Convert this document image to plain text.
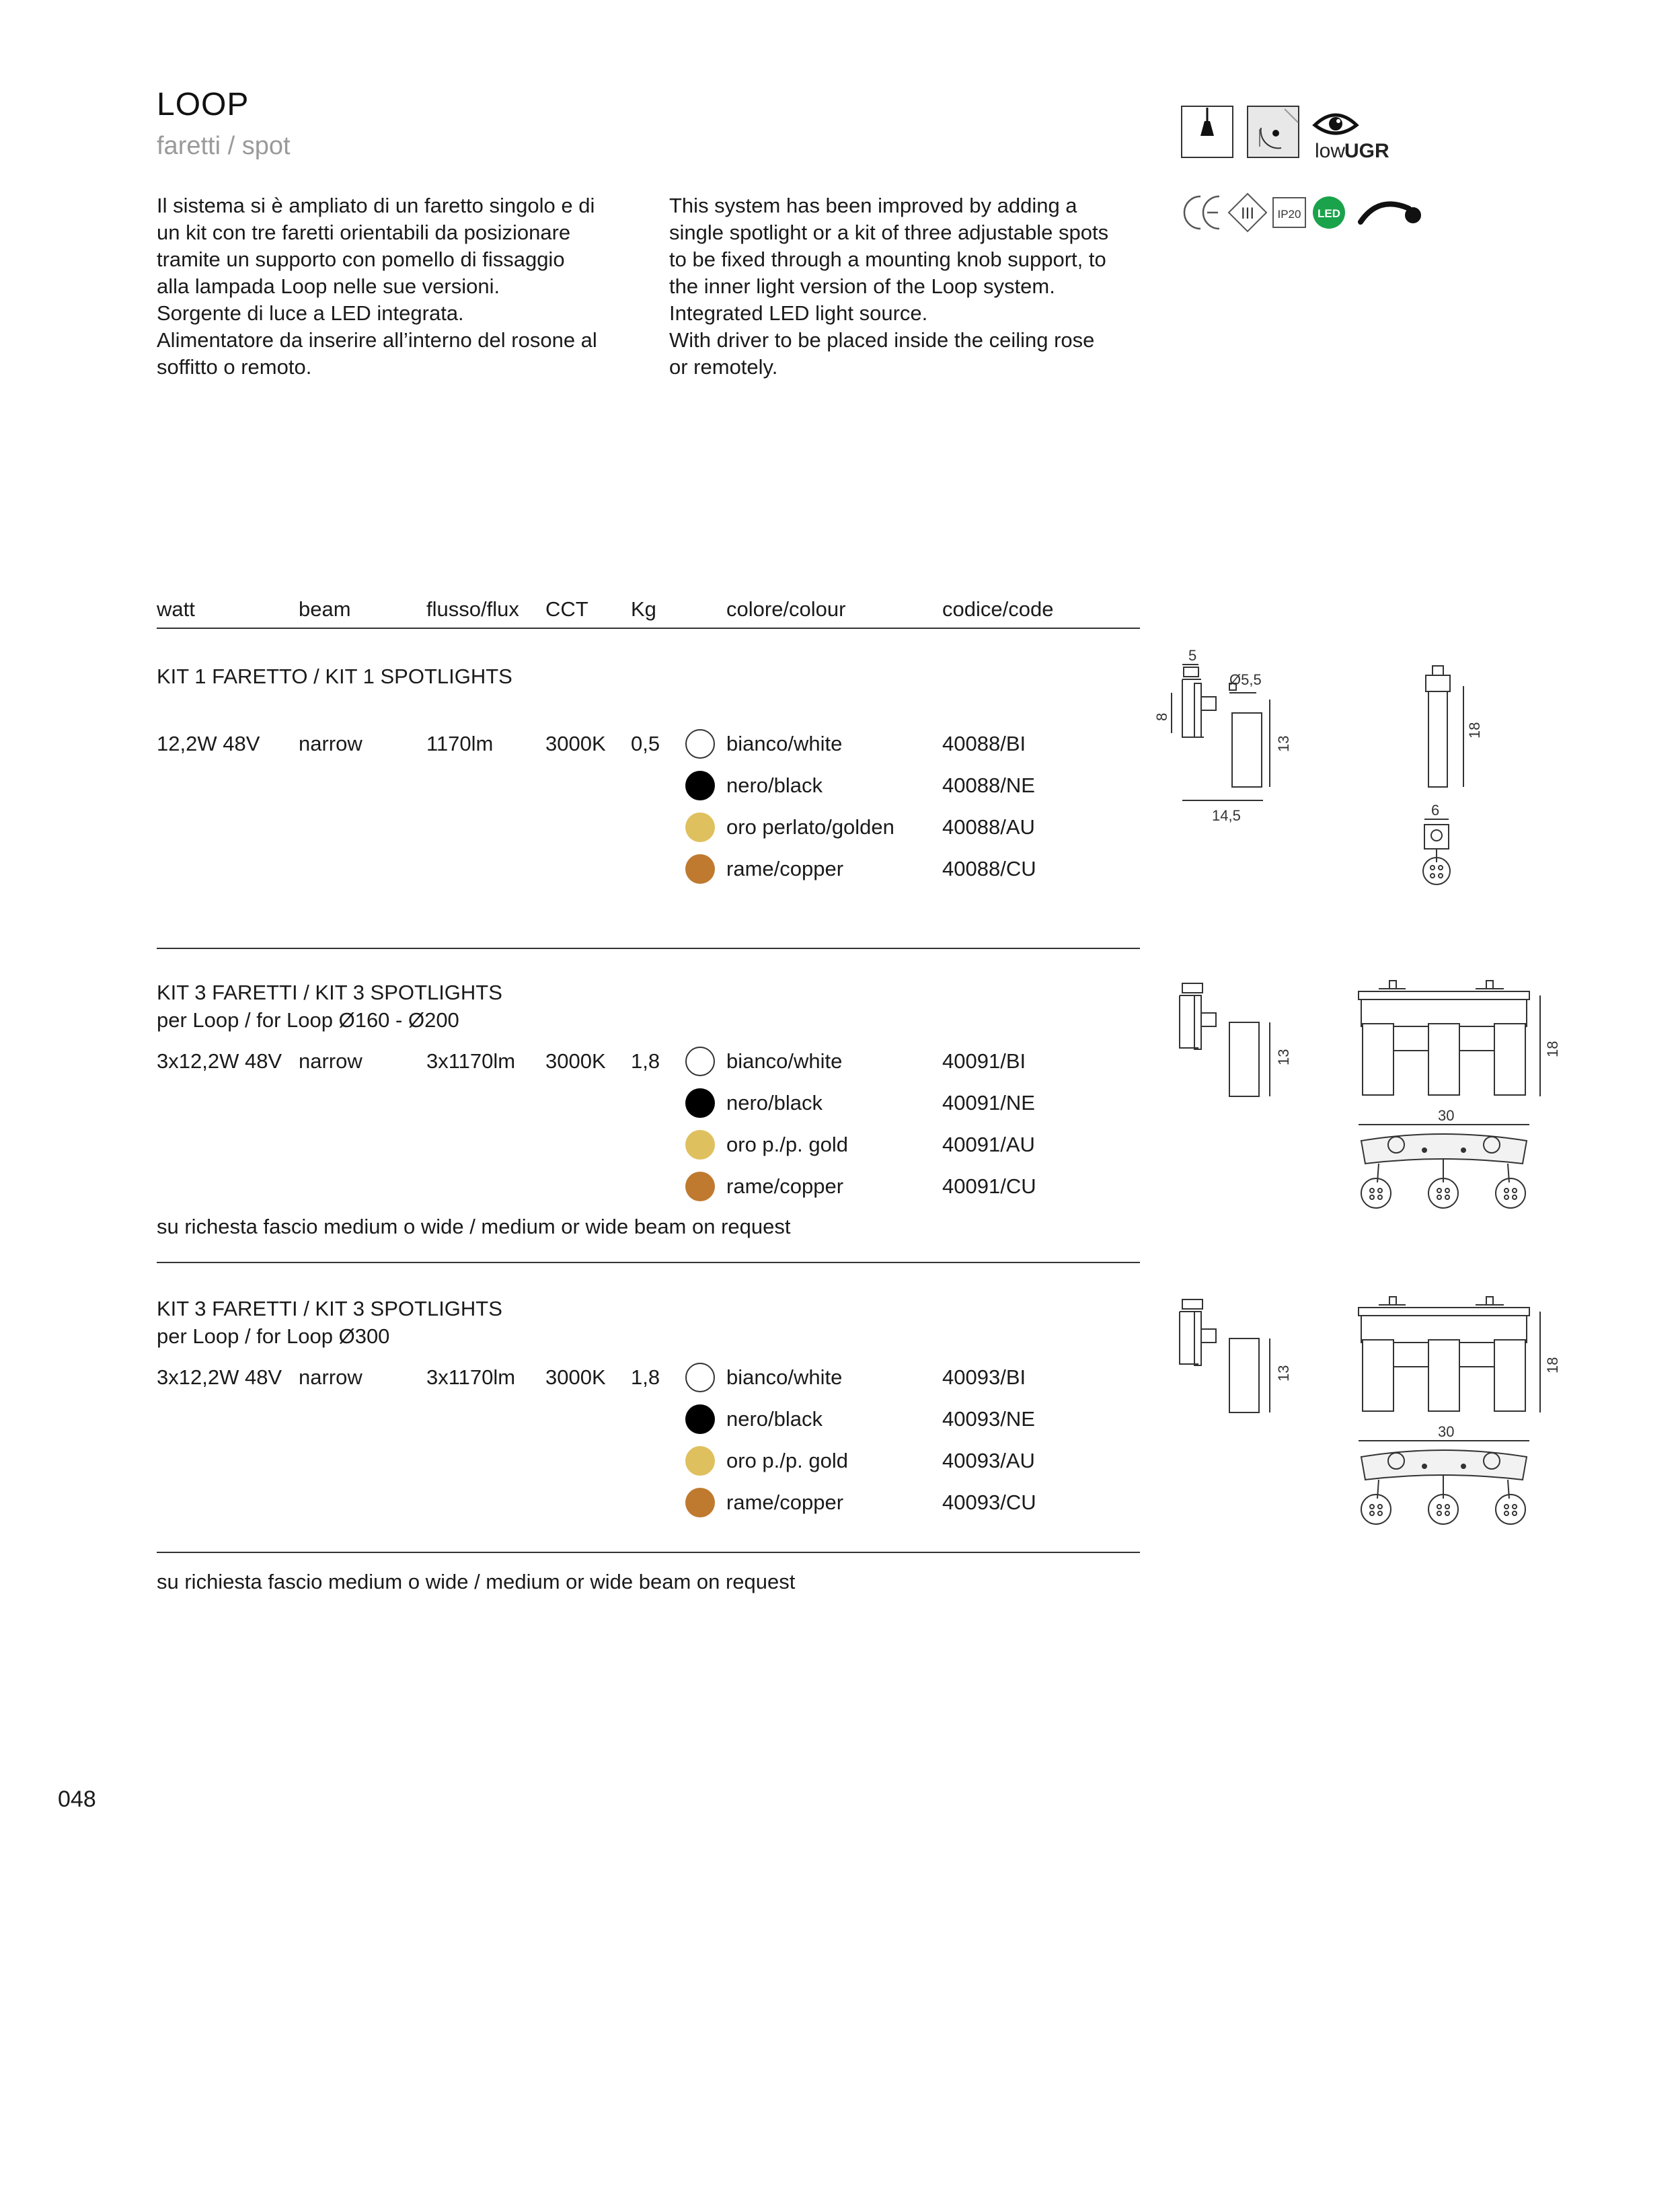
LOOP
faretti / spot
Il sistema si è ampliato di un faretto singolo e di
un kit con tre faretti orientabili da posizionare
tramite un supporto con pomello di fissaggio
alla lampada Loop nelle sue versioni.
Sorgente di luce a LED integrata.
Alimentatore da inserire all’interno del rosone al
soffitto o remoto.
This system has been improved by adding a
single spotlight or a kit of three adjustable spots
to be fixed through a mounting knob support, to
the inner light version of the Loop system.
Integrated LED light source.
With driver to be placed inside the ceiling rose
or remotely.
low
UGR
III IP20 LED
watt	beam	flusso/flux CCT Kg	colore/colour	codice/code
KIT 1 FARETTO / KIT 1 SPOTLIGHTS
12,2W 48V narrow	1170lm	3000K 0,5	bianco/white	40088/BI
nero/black	40088/NE
oro perlato/golden 40088/AU
rame/copper	40088/CU
KIT 3 FARETTI / KIT 3 SPOTLIGHTS
per Loop / for Loop Ø160 - Ø200
3x12,2W 48V narrow	3x1170lm 3000K 1,8	bianco/white	40091/BI
nero/black	40091/NE
oro p./p. gold	40091/AU
rame/copper	40091/CU
su richesta fascio medium o wide / medium or wide beam on request
KIT 3 FARETTI / KIT 3 SPOTLIGHTS
per Loop / for Loop Ø300
3x12,2W 48V narrow	3x1170lm 3000K 1,8	bianco/white	40093/BI
nero/black	40093/NE
oro p./p. gold	40093/AU
rame/copper	40093/CU
su richiesta fascio medium o wide / medium or wide beam on request
5
Ø5,5
8
13
14,5
18
6
13	18
30
13	18
30
048
